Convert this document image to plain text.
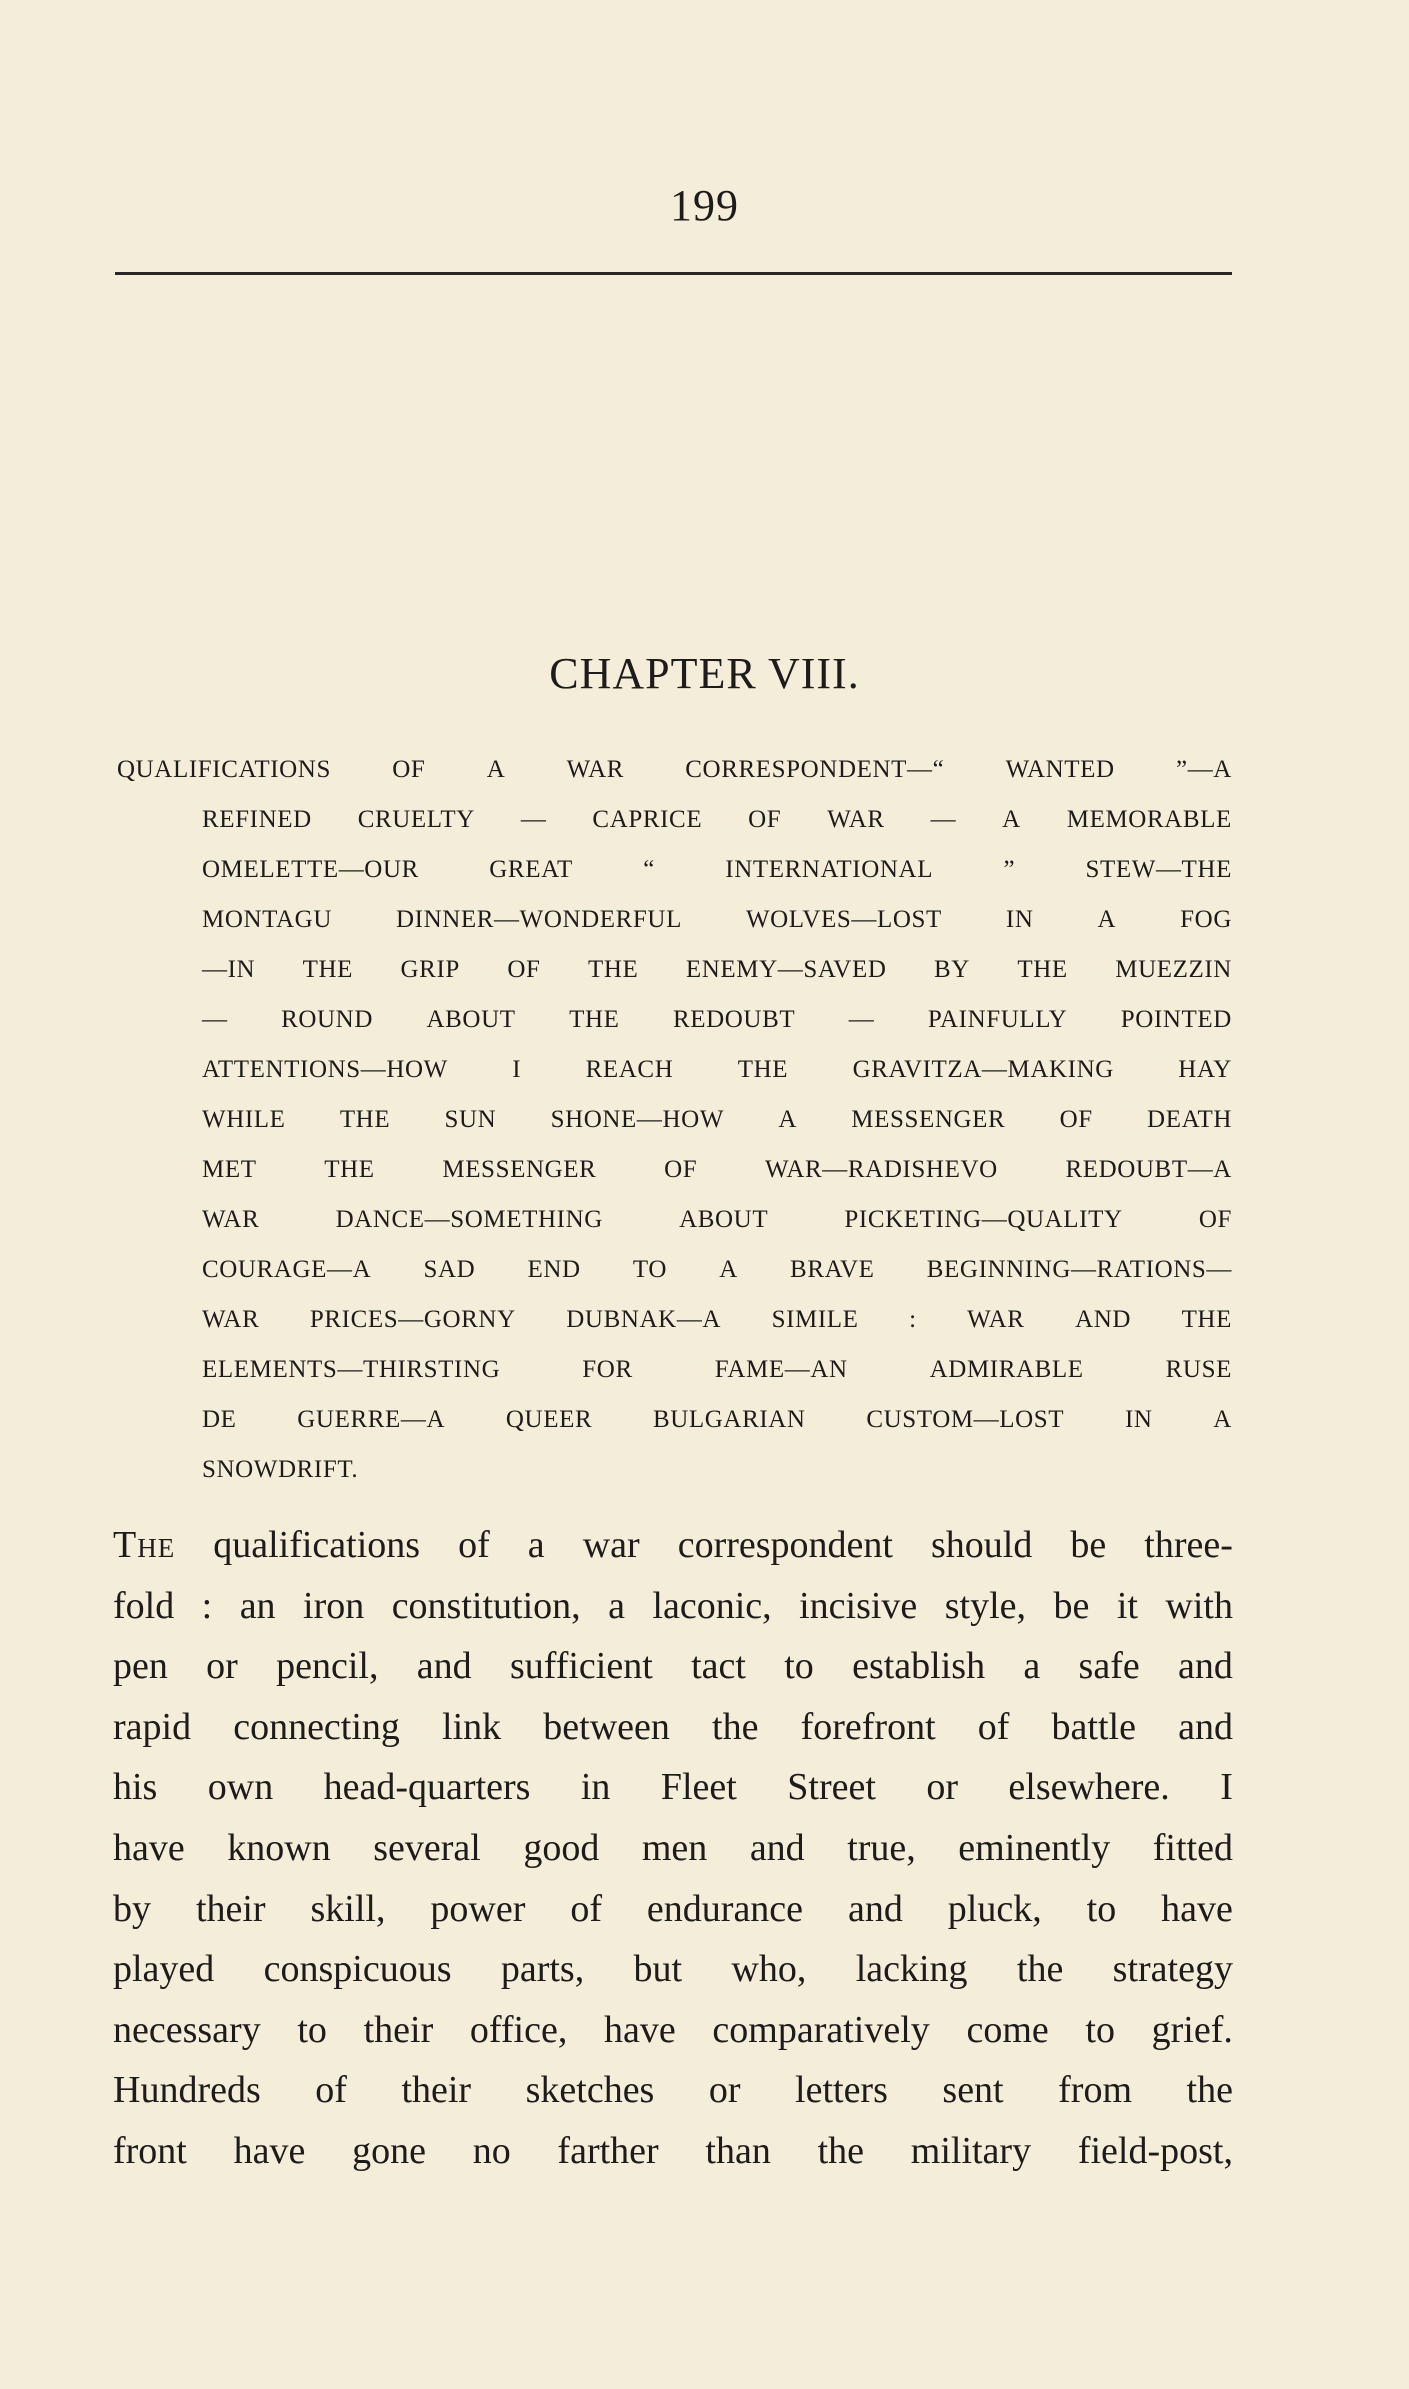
199
CHAPTER VIII.
QUALIFICATIONS OF A WAR CORRESPONDENT—“ WANTED ”—A
REFINED CRUELTY — CAPRICE OF WAR — A MEMORABLE
OMELETTE—OUR	GREAT	“	INTERNATIONAL	”	STEW—THE
MONTAGU	DINNER—WONDERFUL	WOLVES—LOST	IN	A	FOG
—IN THE GRIP OF THE ENEMY—SAVED BY THE MUEZZIN
— ROUND ABOUT THE REDOUBT — PAINFULLY POINTED
ATTENTIONS—HOW	I	REACH	THE	GRAVITZA—MAKING	HAY
WHILE THE SUN SHONE—HOW A MESSENGER OF DEATH
MET	THE	MESSENGER	OF	WAR—RADISHEVO	REDOUBT—A
WAR	DANCE—SOMETHING	ABOUT	PICKETING—QUALITY	OF
COURAGE—A SAD END TO A BRAVE BEGINNING—RATIONS—
WAR PRICES—GORNY DUBNAK—A SIMILE : WAR AND THE
ELEMENTS—THIRSTING	FOR	FAME—AN	ADMIRABLE	RUSE
DE GUERRE—A QUEER BULGARIAN CUSTOM—LOST IN A
SNOWDRIFT.
The qualifications of a war correspondent should be three-
fold : an iron constitution, a laconic, incisive style, be it with
pen or pencil, and sufficient tact to establish a safe and
rapid connecting link between the forefront of battle and
his own head-quarters in Fleet Street or elsewhere. I
have known several good men and true, eminently fitted
by their skill, power of endurance and pluck, to have
played conspicuous parts, but who, lacking the strategy
necessary to their office, have comparatively come to grief.
Hundreds of their sketches or letters sent from the
front have gone no farther than the military field-post,
